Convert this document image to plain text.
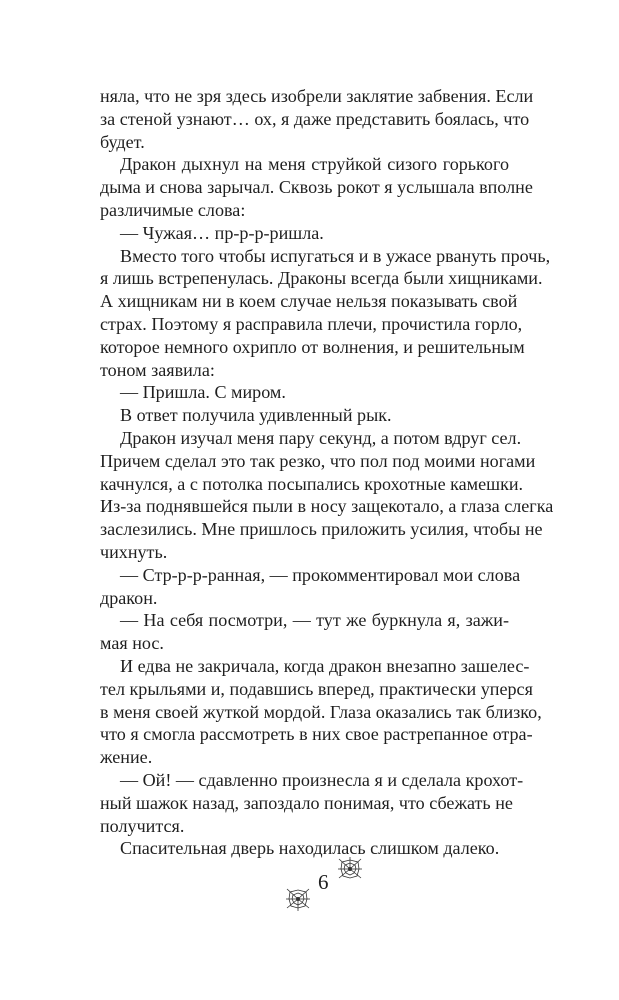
няла, что не зря здесь изобрели заклятие забвения. Если
за стеной узнают… ох, я даже представить боялась, что
будет.
Дракон дыхнул на меня струйкой сизого горького
дыма и снова зарычал. Сквозь рокот я услышала вполне
различимые слова:
— Чужая… пр-р-р-ришла.
Вместо того чтобы испугаться и в ужасе рвануть прочь,
я лишь встрепенулась. Драконы всегда были хищниками.
А хищникам ни в коем случае нельзя показывать свой
страх. Поэтому я расправила плечи, прочистила горло,
которое немного охрипло от волнения, и решительным
тоном заявила:
— Пришла. С миром.
В ответ получила удивленный рык.
Дракон изучал меня пару секунд, а потом вдруг сел.
Причем сделал это так резко, что пол под моими ногами
качнулся, а с потолка посыпались крохотные камешки.
Из-за поднявшейся пыли в носу защекотало, а глаза слегка
заслезились. Мне пришлось приложить усилия, чтобы не
чихнуть.
— Стр-р-р-ранная, — прокомментировал мои слова
дракон.
— На себя посмотри, — тут же буркнула я, зажи-
мая нос.
И едва не закричала, когда дракон внезапно зашелес-
тел крыльями и, подавшись вперед, практически уперся
в меня своей жуткой мордой. Глаза оказались так близко,
что я смогла рассмотреть в них свое растрепанное отра-
жение.
— Ой! — сдавленно произнесла я и сделала крохот-
ный шажок назад, запоздало понимая, что сбежать не
получится.
Спасительная дверь находилась слишком далеко.
6
